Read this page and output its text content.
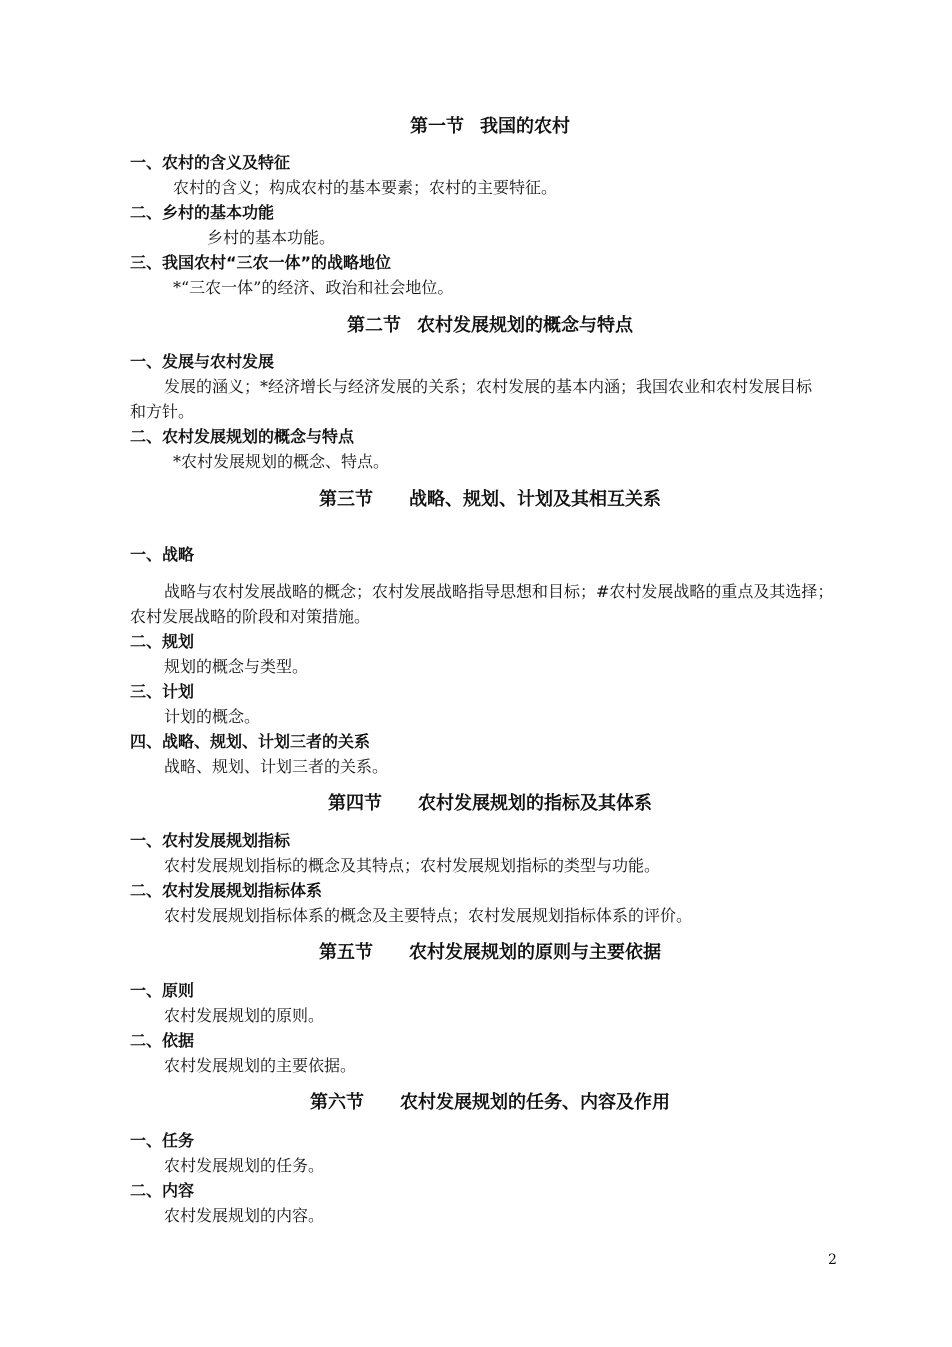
第一节 我国的农村
一、农村的含义及特征
农村的含义；构成农村的基本要素；农村的主要特征。
二、乡村的基本功能
乡村的基本功能。
三、我国农村“三农一体”的战略地位
*“三农一体”的经济、政治和社会地位。
第二节 农村发展规划的概念与特点
一、发展与农村发展
发展的涵义；*经济增长与经济发展的关系；农村发展的基本内涵；我国农业和农村发展目标
和方针。
二、农村发展规划的概念与特点
*农村发展规划的概念、特点。
第三节 战略、规划、计划及其相互关系
一、战略
战略与农村发展战略的概念；农村发展战略指导思想和目标；#农村发展战略的重点及其选择；
农村发展战略的阶段和对策措施。
二、规划
规划的概念与类型。
三、计划
计划的概念。
四、战略、规划、计划三者的关系
战略、规划、计划三者的关系。
第四节 农村发展规划的指标及其体系
一、农村发展规划指标
农村发展规划指标的概念及其特点；农村发展规划指标的类型与功能。
二、农村发展规划指标体系
农村发展规划指标体系的概念及主要特点；农村发展规划指标体系的评价。
第五节 农村发展规划的原则与主要依据
一、原则
农村发展规划的原则。
二、依据
农村发展规划的主要依据。
第六节 农村发展规划的任务、内容及作用
一、任务
农村发展规划的任务。
二、内容
农村发展规划的内容。
2
